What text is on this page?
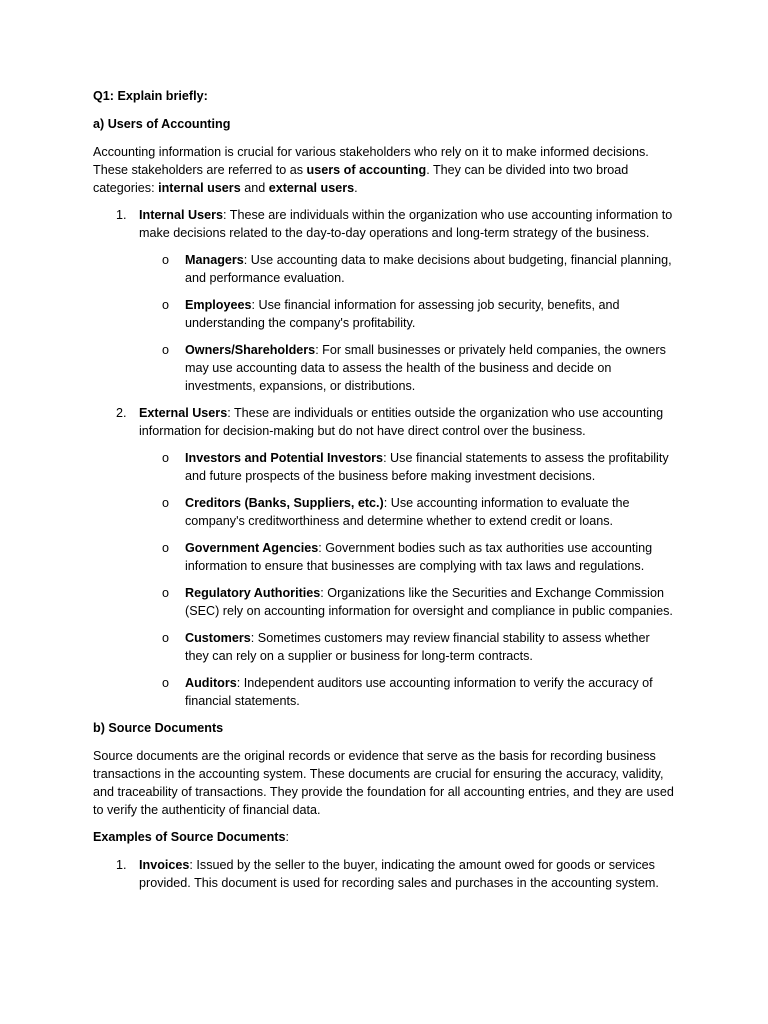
Q1: Explain briefly:

a) Users of Accounting

Accounting information is crucial for various stakeholders who rely on it to make informed decisions. These stakeholders are referred to as users of accounting. They can be divided into two broad categories: internal users and external users.

1. Internal Users: These are individuals within the organization who use accounting information to make decisions related to the day-to-day operations and long-term strategy of the business.

o Managers: Use accounting data to make decisions about budgeting, financial planning, and performance evaluation.

o Employees: Use financial information for assessing job security, benefits, and understanding the company's profitability.

o Owners/Shareholders: For small businesses or privately held companies, the owners may use accounting data to assess the health of the business and decide on investments, expansions, or distributions.

2. External Users: These are individuals or entities outside the organization who use accounting information for decision-making but do not have direct control over the business.

o Investors and Potential Investors: Use financial statements to assess the profitability and future prospects of the business before making investment decisions.

o Creditors (Banks, Suppliers, etc.): Use accounting information to evaluate the company's creditworthiness and determine whether to extend credit or loans.

o Government Agencies: Government bodies such as tax authorities use accounting information to ensure that businesses are complying with tax laws and regulations.

o Regulatory Authorities: Organizations like the Securities and Exchange Commission (SEC) rely on accounting information for oversight and compliance in public companies.

o Customers: Sometimes customers may review financial stability to assess whether they can rely on a supplier or business for long-term contracts.

o Auditors: Independent auditors use accounting information to verify the accuracy of financial statements.

b) Source Documents

Source documents are the original records or evidence that serve as the basis for recording business transactions in the accounting system. These documents are crucial for ensuring the accuracy, validity, and traceability of transactions. They provide the foundation for all accounting entries, and they are used to verify the authenticity of financial data.

Examples of Source Documents:

1. Invoices: Issued by the seller to the buyer, indicating the amount owed for goods or services provided. This document is used for recording sales and purchases in the accounting system.
